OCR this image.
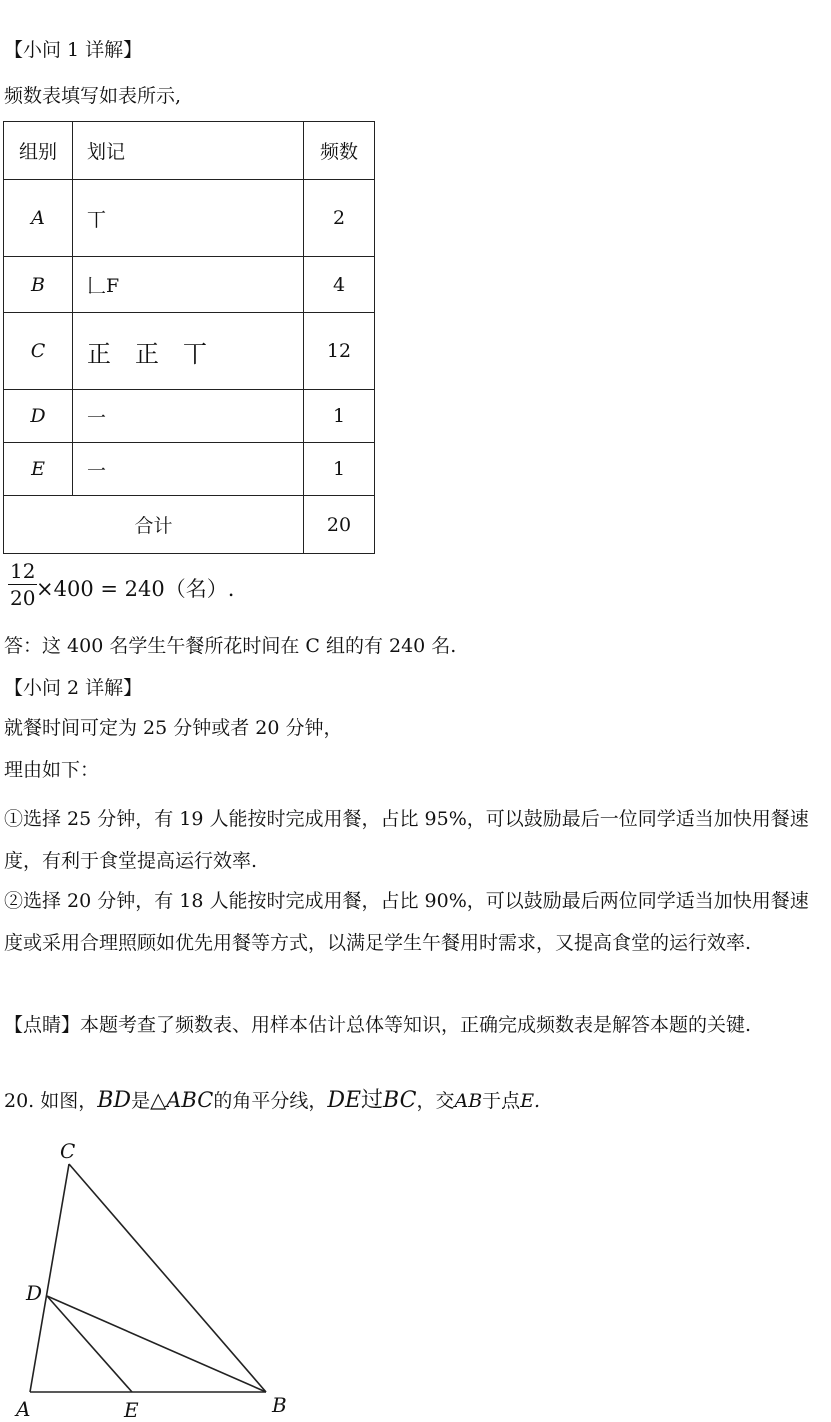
【小问 1 详解】
频数表填写如表所示,
组别	划记	频数
A	丅	2
B	𠃊F	4
C	正　正　丅	12
D	一	1
E	一	1
合计		20
$\frac{12}{20}$
×400 = 240（名）.
答：这 400 名学生午餐所花时间在 C 组的有 240 名.
【小问 2 详解】
就餐时间可定为 25 分钟或者 20 分钟，
理由如下：
①选择 25 分钟，有 19 人能按时完成用餐，占比 95%，可以鼓励最后一位同学适当加快用餐速度，有利于食堂提高运行效率.
②选择 20 分钟，有 18 人能按时完成用餐，占比 90%，可以鼓励最后两位同学适当加快用餐速度或采用合理照顾如优先用餐等方式，以满足学生午餐用时需求，又提高食堂的运行效率.
【点睛】本题考查了频数表、用样本估计总体等知识，正确完成频数表是解答本题的关键.
20. 如图，BD是△ABC的角平分线，DE过BC，交AB于点E.
C
D
A	E	B
